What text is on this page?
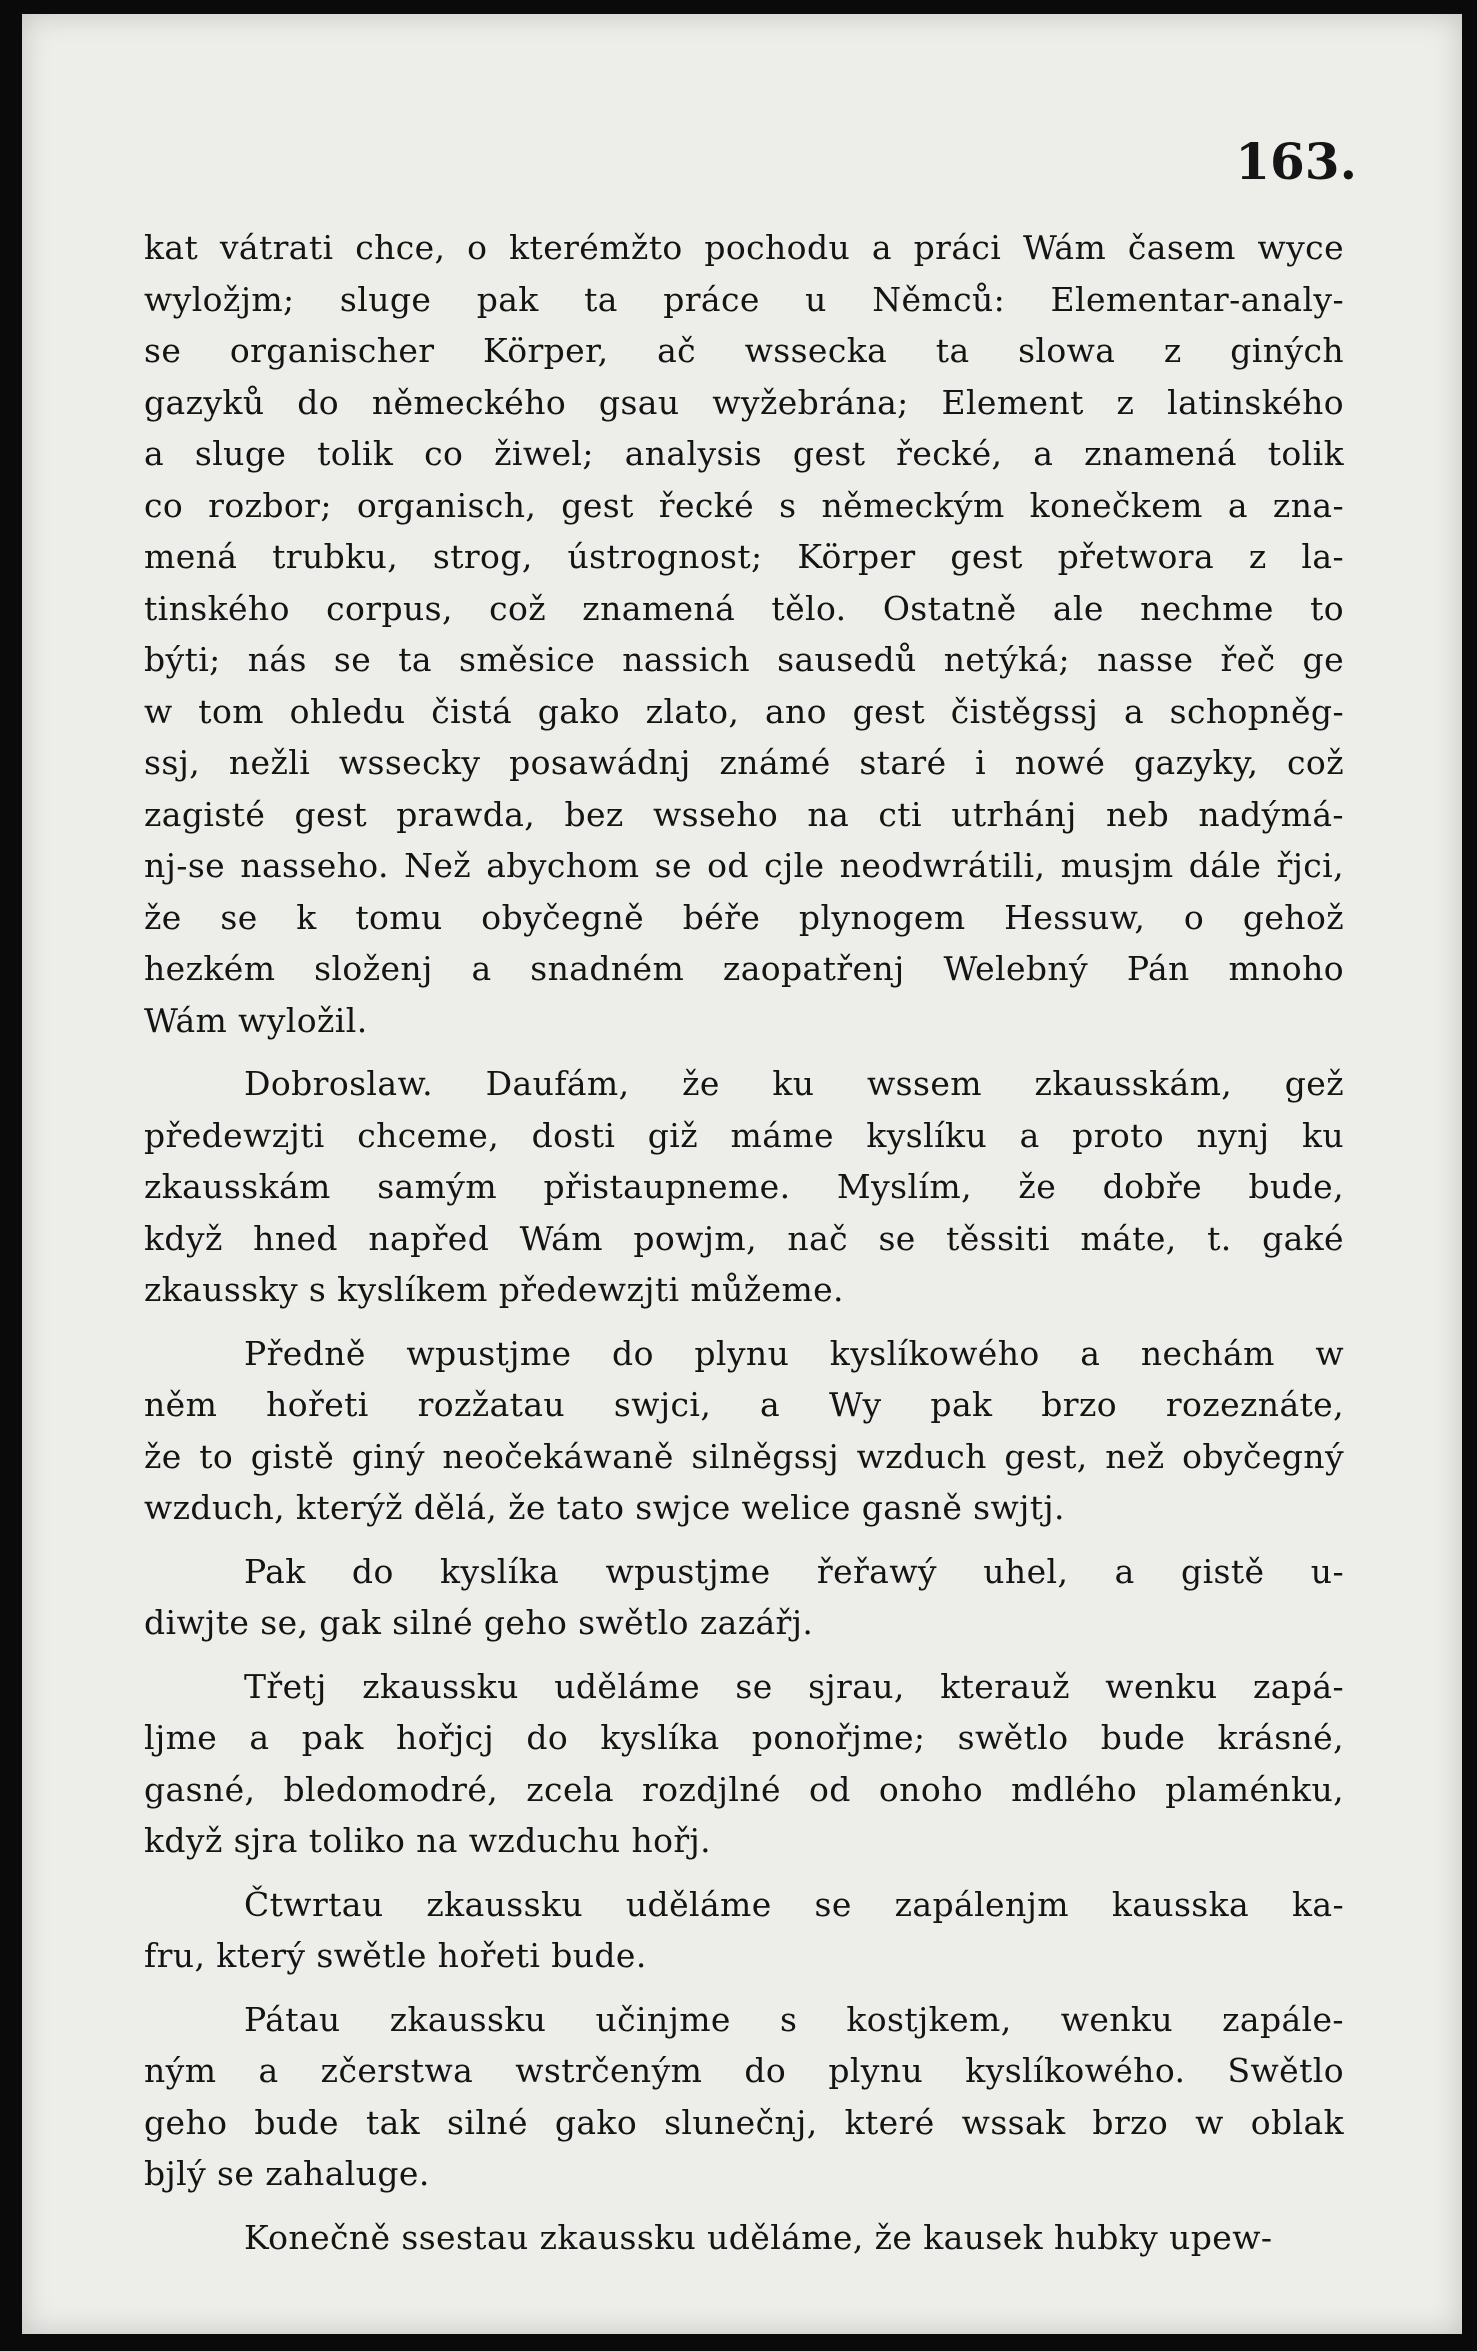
163.
kat vátrati chce, o kterémžto pochodu a práci Wám časem wyce
wyložjm; sluge pak ta práce u Němců: Elementar-analy-
se organischer Körper, ač wssecka ta slowa z giných
gazyků do německého gsau wyžebrána; Element z latinského
a sluge tolik co žiwel; analysis gest řecké, a znamená tolik
co rozbor; organisch, gest řecké s německým konečkem a zna-
mená trubku, strog, ústrognost; Körper gest přetwora z la-
tinského corpus, což znamená tělo. Ostatně ale nechme to
býti; nás se ta směsice nassich sausedů netýká; nasse řeč ge
w tom ohledu čistá gako zlato, ano gest čistěgssj a schopněg-
ssj, nežli wssecky posawádnj známé staré i nowé gazyky, což
zagisté gest prawda, bez wsseho na cti utrhánj neb nadýmá-
nj-se nasseho. Než abychom se od cjle neodwrátili, musjm dále řjci,
že se k tomu obyčegně béře plynogem Hessuw, o gehož
hezkém složenj a snadném zaopatřenj Welebný Pán mnoho
Wám wyložil.
Dobroslaw. Daufám, že ku wssem zkausskám, gež
předewzjti chceme, dosti giž máme kyslíku a proto nynj ku
zkausskám samým přistaupneme. Myslím, že dobře bude,
když hned napřed Wám powjm, nač se těssiti máte, t. gaké
zkaussky s kyslíkem předewzjti můžeme.
Předně wpustjme do plynu kyslíkowého a nechám w
něm hořeti rozžatau swjci, a Wy pak brzo rozeznáte,
že to gistě giný neočekáwaně silněgssj wzduch gest, než obyčegný
wzduch, kterýž dělá, že tato swjce welice gasně swjtj.
Pak do kyslíka wpustjme řeřawý uhel, a gistě u-
diwjte se, gak silné geho swětlo zazářj.
Třetj zkaussku uděláme se sjrau, kterauž wenku zapá-
ljme a pak hořjcj do kyslíka ponořjme; swětlo bude krásné,
gasné, bledomodré, zcela rozdjlné od onoho mdlého plaménku,
když sjra toliko na wzduchu hořj.
Čtwrtau zkaussku uděláme se zapálenjm kausska ka-
fru, který swětle hořeti bude.
Pátau zkaussku učinjme s kostjkem, wenku zapále-
ným a zčerstwa wstrčeným do plynu kyslíkowého. Swětlo
geho bude tak silné gako slunečnj, které wssak brzo w oblak
bjlý se zahaluge.
Konečně ssestau zkaussku uděláme, že kausek hubky upew-
